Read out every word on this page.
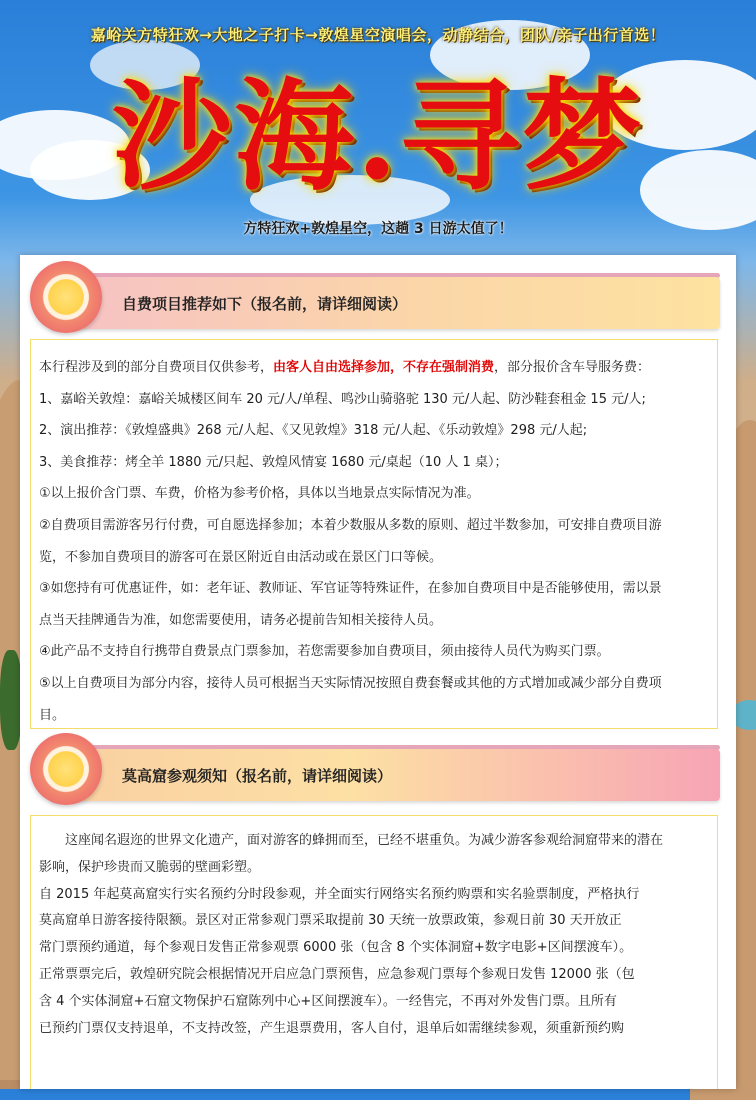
嘉峪关方特狂欢→大地之子打卡→敦煌星空演唱会，动静结合，团队/亲子出行首选！
沙海.寻梦
方特狂欢+敦煌星空，这趟 3 日游太值了！
自费项目推荐如下（报名前，请详细阅读）

本行程涉及到的部分自费项目仅供参考，由客人自由选择参加，不存在强制消费，部分报价含车导服务费：

1、嘉峪关敦煌：嘉峪关城楼区间车 20 元/人/单程、鸣沙山骑骆驼 130 元/人起、防沙鞋套租金 15 元/人;

2、演出推荐：《敦煌盛典》268 元/人起、《又见敦煌》318 元/人起、《乐动敦煌》298 元/人起;

3、美食推荐：烤全羊 1880 元/只起、敦煌风情宴 1680 元/桌起（10 人 1 桌）；

①以上报价含门票、车费，价格为参考价格，具体以当地景点实际情况为准。

②自费项目需游客另行付费，可自愿选择参加；本着少数服从多数的原则、超过半数参加，可安排自费项目游

览，不参加自费项目的游客可在景区附近自由活动或在景区门口等候。

③如您持有可优惠证件，如：老年证、教师证、军官证等特殊证件，在参加自费项目中是否能够使用，需以景

点当天挂牌通告为准，如您需要使用，请务必提前告知相关接待人员。

④此产品不支持自行携带自费景点门票参加，若您需要参加自费项目，须由接待人员代为购买门票。

⑤以上自费项目为部分内容，接待人员可根据当天实际情况按照自费套餐或其他的方式增加或减少部分自费项

目。

莫高窟参观须知（报名前，请详细阅读）

　　这座闻名遐迩的世界文化遗产，面对游客的蜂拥而至，已经不堪重负。为减少游客参观给洞窟带来的潜在

影响，保护珍贵而又脆弱的壁画彩塑。

自 2015 年起莫高窟实行实名预约分时段参观，并全面实行网络实名预约购票和实名验票制度，严格执行

莫高窟单日游客接待限额。景区对正常参观门票采取提前 30 天统一放票政策，参观日前 30 天开放正

常门票预约通道，每个参观日发售正常参观票 6000 张（包含 8 个实体洞窟+数字电影+区间摆渡车）。

正常票票完后，敦煌研究院会根据情况开启应急门票预售，应急参观门票每个参观日发售 12000 张（包

含 4 个实体洞窟+石窟文物保护石窟陈列中心+区间摆渡车）。一经售完，不再对外发售门票。且所有

已预约门票仅支持退单，不支持改签，产生退票费用，客人自付，退单后如需继续参观，须重新预约购
